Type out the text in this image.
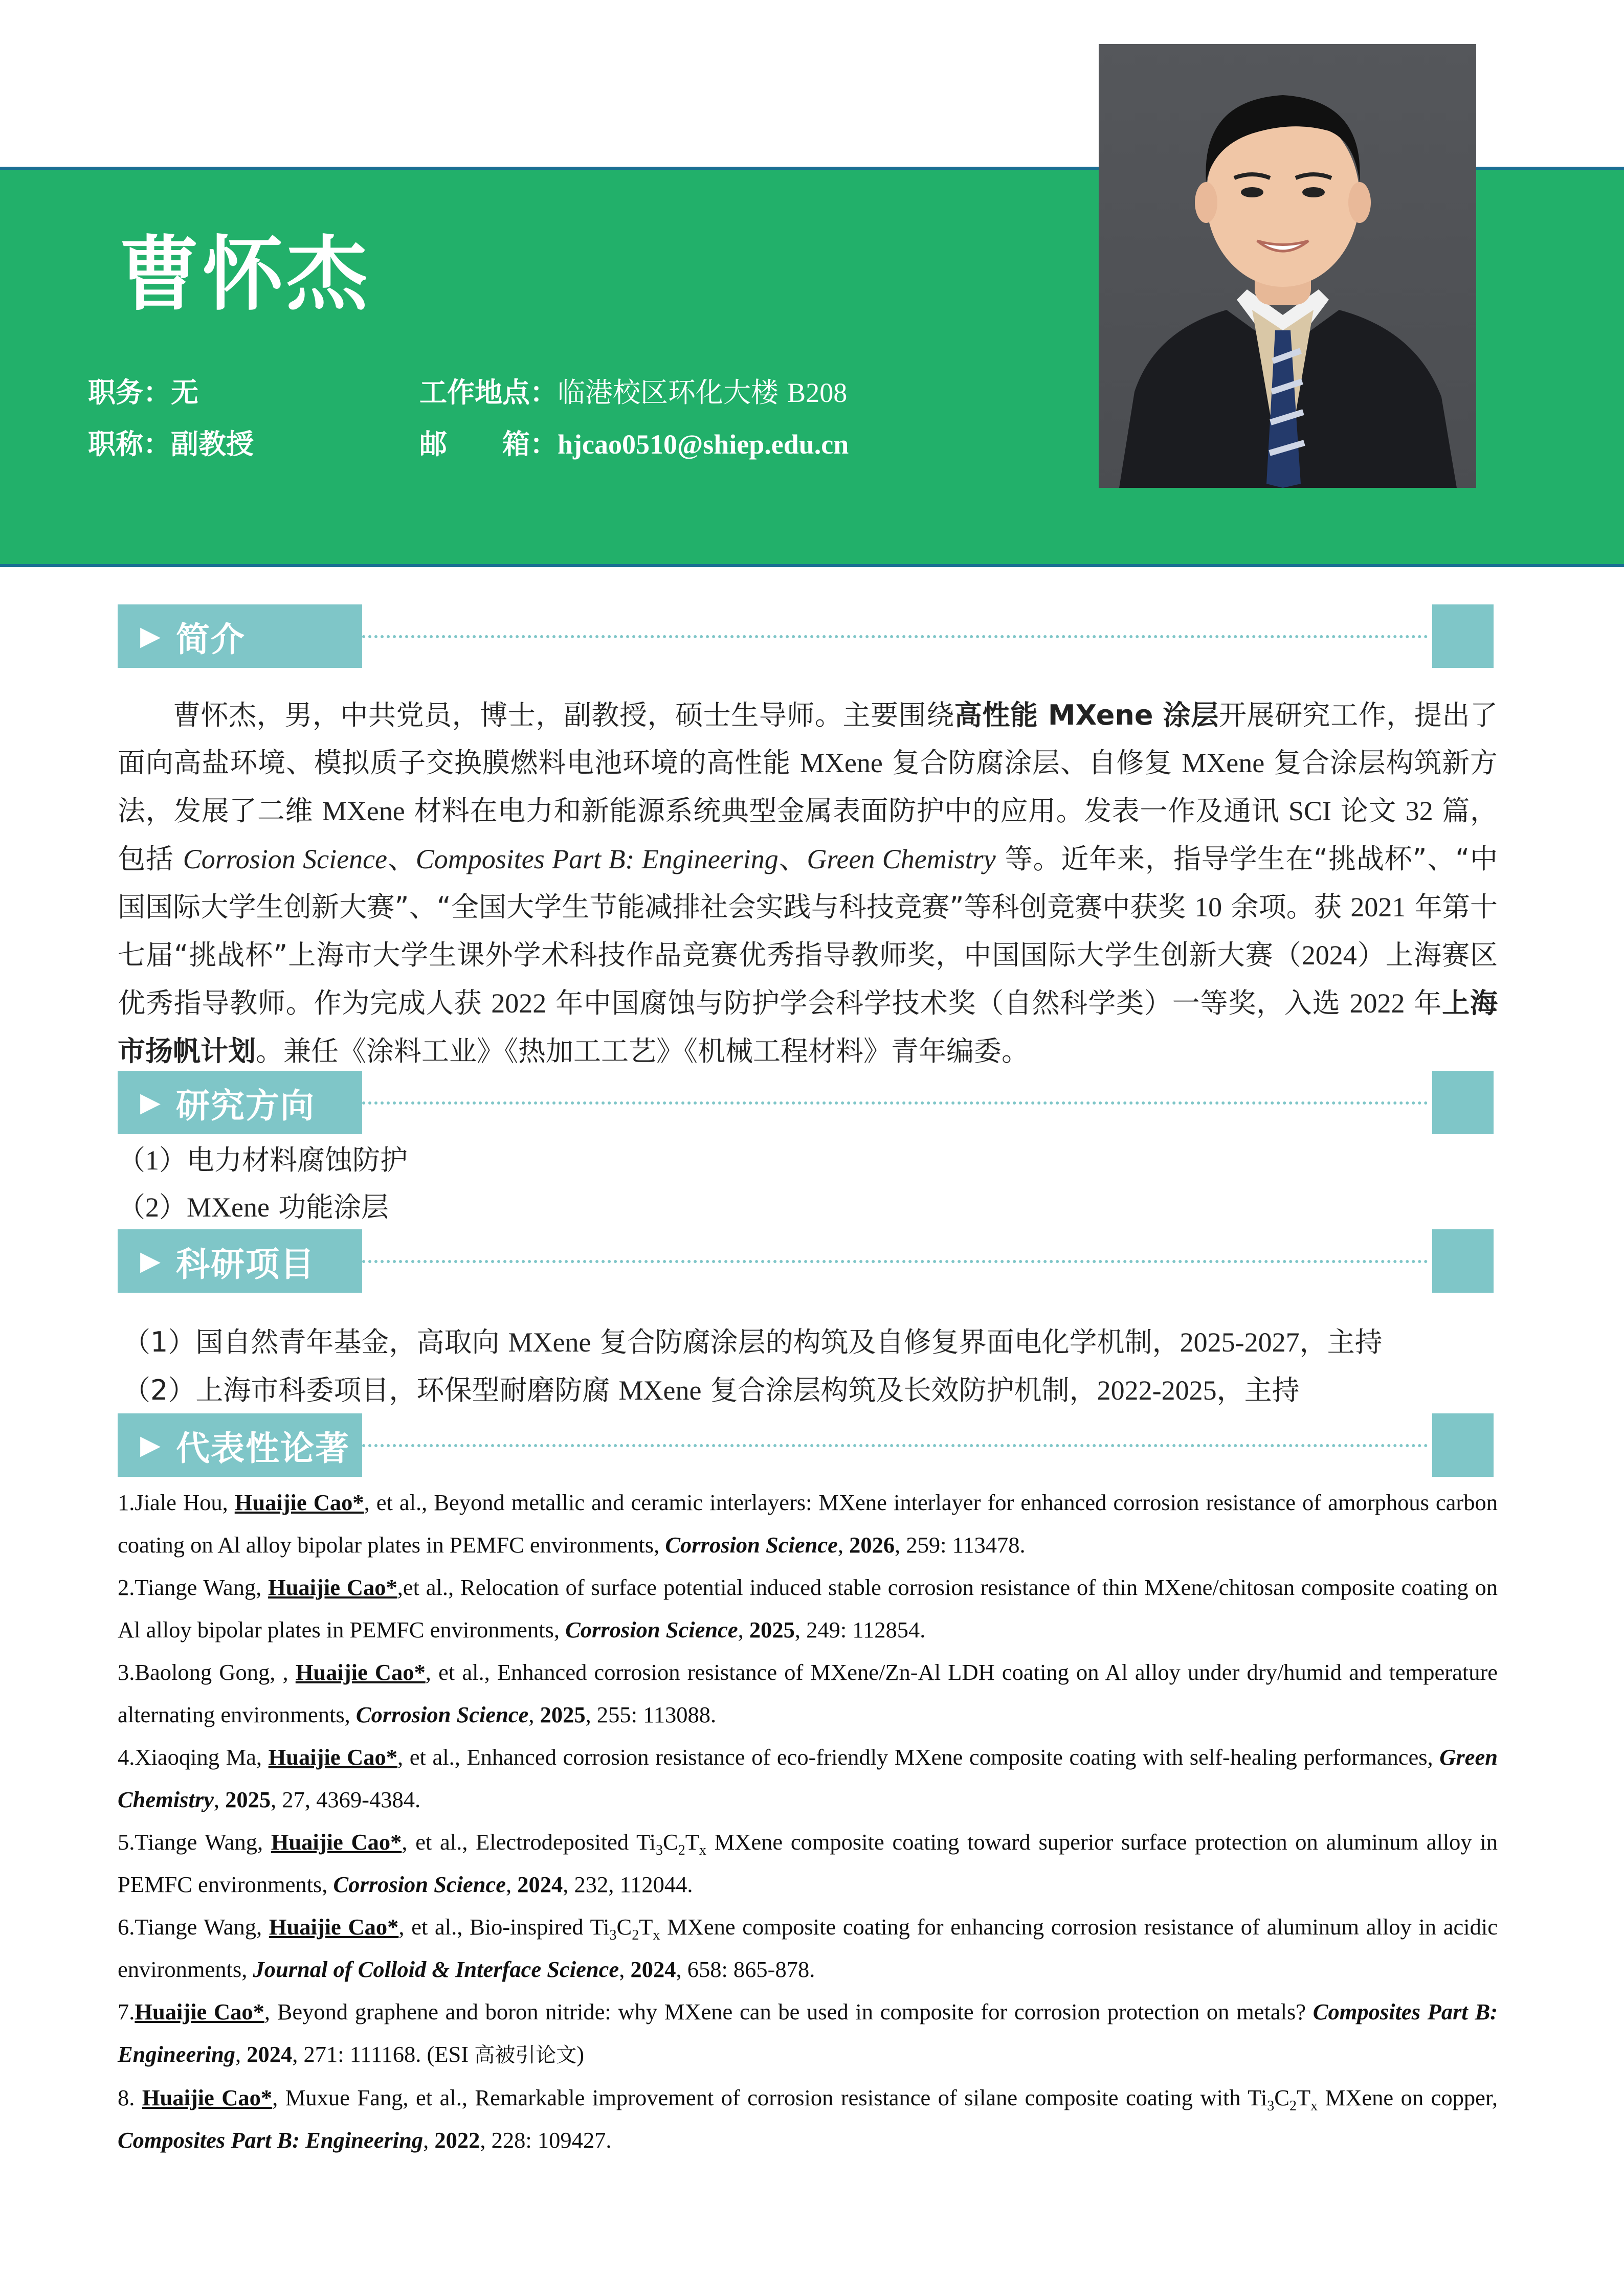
曹怀杰
职务：无
职称：副教授
工作地点：临港校区环化大楼 B208
邮　　箱：hjcao0510@shiep.edu.cn
▶ 简介

曹怀杰，男，中共党员，博士，副教授，硕士生导师。主要围绕高性能 MXene 涂层开展研究工作，提出了面向高盐环境、模拟质子交换膜燃料电池环境的高性能 MXene 复合防腐涂层、自修复 MXene 复合涂层构筑新方法，发展了二维 MXene 材料在电力和新能源系统典型金属表面防护中的应用。发表一作及通讯 SCI 论文 32 篇，包括 Corrosion Science、Composites Part B: Engineering、Green Chemistry 等。近年来，指导学生在“挑战杯”、“中国国际大学生创新大赛”、“全国大学生节能减排社会实践与科技竞赛”等科创竞赛中获奖 10 余项。获 2021 年第十七届“挑战杯”上海市大学生课外学术科技作品竞赛优秀指导教师奖，中国国际大学生创新大赛（2024）上海赛区优秀指导教师。作为完成人获 2022 年中国腐蚀与防护学会科学技术奖（自然科学类）一等奖，入选 2022 年上海市扬帆计划。兼任《涂料工业》《热加工工艺》《机械工程材料》青年编委。

▶ 研究方向
（1）电力材料腐蚀防护
（2）MXene 功能涂层
▶ 科研项目
（1）国自然青年基金，高取向 MXene 复合防腐涂层的构筑及自修复界面电化学机制，2025-2027，主持
（2）上海市科委项目，环保型耐磨防腐 MXene 复合涂层构筑及长效防护机制，2022-2025，主持
▶ 代表性论著

1.Jiale Hou, Huaijie Cao*, et al., Beyond metallic and ceramic interlayers: MXene interlayer for enhanced corrosion resistance of amorphous carbon coating on Al alloy bipolar plates in PEMFC environments, Corrosion Science, 2026, 259: 113478.

2.Tiange Wang, Huaijie Cao*,et al., Relocation of surface potential induced stable corrosion resistance of thin MXene/chitosan composite coating on Al alloy bipolar plates in PEMFC environments, Corrosion Science, 2025, 249: 112854.

3.Baolong Gong, , Huaijie Cao*, et al., Enhanced corrosion resistance of MXene/Zn-Al LDH coating on Al alloy under dry/humid and temperature alternating environments, Corrosion Science, 2025, 255: 113088.

4.Xiaoqing Ma, Huaijie Cao*, et al., Enhanced corrosion resistance of eco-friendly MXene composite coating with self-healing performances, Green Chemistry, 2025, 27, 4369-4384.

5.Tiange Wang, Huaijie Cao*, et al., Electrodeposited $Ti_3C_2T_x$ MXene composite coating toward superior surface protection on aluminum alloy in PEMFC environments, Corrosion Science, 2024, 232, 112044.

6.Tiange Wang, Huaijie Cao*, et al., Bio-inspired $Ti_3C_2T_x$ MXene composite coating for enhancing corrosion resistance of aluminum alloy in acidic environments, Journal of Colloid & Interface Science, 2024, 658: 865-878.

7.Huaijie Cao*, Beyond graphene and boron nitride: why MXene can be used in composite for corrosion protection on metals? Composites Part B: Engineering, 2024, 271: 111168. (ESI 高被引论文)

8. Huaijie Cao*, Muxue Fang, et al., Remarkable improvement of corrosion resistance of silane composite coating with $Ti_3C_2T_x$ MXene on copper, Composites Part B: Engineering, 2022, 228: 109427.
